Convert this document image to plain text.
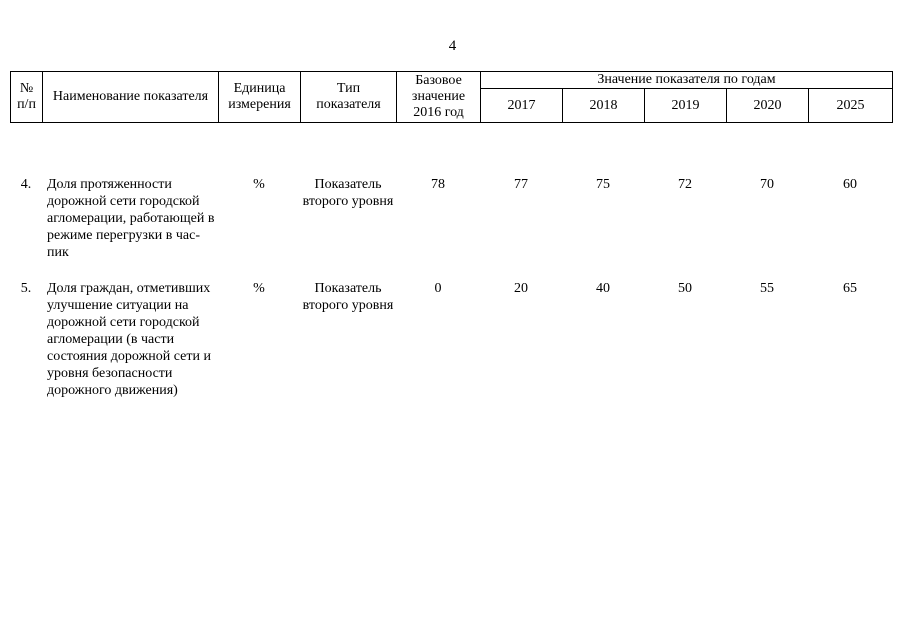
4
№ п/п	Наименование показателя	Единица измерения	Тип показателя	Базовое значение 2016 год	Значение показателя по годам				
					2017	2018	2019	2020	2025
4.	Доля протяженности дорожной сети городской агломерации, работающей в режиме перегрузки в час-пик	%	Показатель второго уровня	78	77	75	72	70	60

5.	Доля граждан, отметивших улучшение ситуации на дорожной сети городской агломерации (в части состояния дорожной сети и уровня безопасности дорожного движения)	%	Показатель второго уровня	0	20	40	50	55	65
